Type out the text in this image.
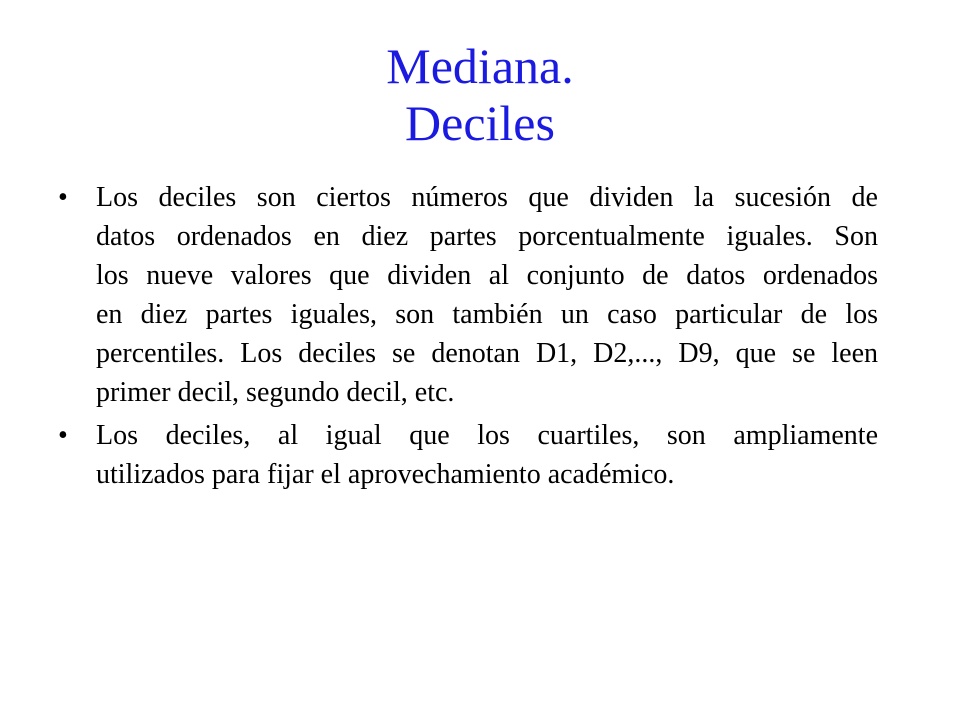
Mediana.
Deciles
• Los deciles son ciertos números que dividen la sucesión de
datos ordenados en diez partes porcentualmente iguales. Son
los nueve valores que dividen al conjunto de datos ordenados
en diez partes iguales, son también un caso particular de los
percentiles. Los deciles se denotan D1, D2,..., D9, que se leen
primer decil, segundo decil, etc.
• Los deciles, al igual que los cuartiles, son ampliamente
utilizados para fijar el aprovechamiento académico.
